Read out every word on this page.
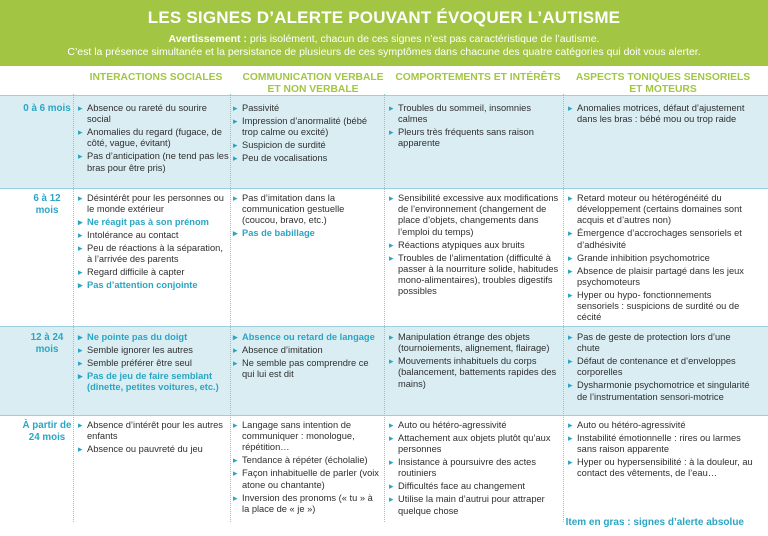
LES SIGNES D’ALERTE POUVANT ÉVOQUER L’AUTISME
Avertissement : pris isolément, chacun de ces signes n’est pas caractéristique de l’autisme.
C’est la présence simultanée et la persistance de plusieurs de ces symptômes dans chacune des quatre catégories qui doit vous alerter.
INTERACTIONS SOCIALES	COMMUNICATION VERBALE ET NON VERBALE
COMPORTEMENTS ET INTÉRÊTS	ASPECTS TONIQUES SENSORIELS ET MOTEURS
0 à 6 mois
▸	Absence ou rareté du sourire social
▸ Anomalies du regard (fugace, de côté, vague, évitant)
▸ Pas d’anticipation (ne tend pas les bras pour être pris)
▸ Passivité
▸ Impression d’anormalité (bébé trop calme ou excité)
▸ Suspicion de surdité
▸ Peu de vocalisations
▸ Troubles du sommeil, insomnies calmes
▸ Pleurs très fréquents sans raison apparente
▸ Anomalies motrices, défaut d’ajustement dans les bras : bébé mou ou trop raide
6 à 12 mois
▸ Désintérêt pour les personnes ou le monde extérieur
▸ Ne réagit pas à son prénom
▸ Intolérance au contact
▸ Peu de réactions à la séparation, à l’arrivée des parents
▸ Regard difficile à capter
▸ Pas d’attention conjointe
▸ Pas d’imitation dans la communication gestuelle (coucou, bravo, etc.)
▸ Pas de babillage
▸ Sensibilité excessive aux modifications de l’environnement (changement de place d’objets, changements dans l’emploi du temps)
▸ Réactions atypiques aux bruits
▸ Troubles de l’alimentation (difficulté à passer à la nourriture solide, habitudes mono-alimentaires), troubles digestifs possibles
▸ Retard moteur ou hétérogénéité du développement (certains domaines sont acquis et d’autres non)
▸ Émergence d’accrochages sensoriels et d’adhésivité
▸ Grande inhibition psychomotrice
▸ Absence de plaisir partagé dans les jeux psychomoteurs
▸ Hyper ou hypo- fonctionnements sensoriels : suspicions de surdité ou de cécité
12 à 24 mois
▸ Ne pointe pas du doigt
▸ Semble ignorer les autres
▸ Semble préférer être seul
▸ Pas de jeu de faire semblant (dînette, petites voitures, etc.)
▸ Absence ou retard de langage
▸ Absence d’imitation
▸ Ne semble pas comprendre ce qui lui est dit
▸ Manipulation étrange des objets (tournoiements, alignement, flairage)
▸ Mouvements inhabituels du corps (balancement, battements rapides des mains)
▸ Pas de geste de protection lors d’une chute
▸ Défaut de contenance et d’enveloppes corporelles
▸ Dysharmonie psychomotrice et singularité de l’instrumentation sensori-motrice
À partir de 24 mois
▸ Absence d’intérêt pour les autres enfants
▸ Absence ou pauvreté du jeu
▸ Langage sans intention de communiquer : monologue, répétition…
▸ Tendance à répéter (écholalie)
▸ Façon inhabituelle de parler (voix atone ou chantante)
▸ Inversion des pronoms (« tu » à la place de « je »)
▸ Auto ou hétéro-agressivité
▸ Attachement aux objets plutôt qu’aux personnes
▸ Insistance à poursuivre des actes routiniers
▸ Difficultés face au changement
▸ Utilise la main d’autrui pour attraper quelque chose
▸ Auto ou hétéro-agressivité
▸ Instabilité émotionnelle : rires ou larmes sans raison apparente
▸ Hyper ou hypersensibilité : à la douleur, au contact des vêtements, de l’eau…
Item en gras : signes d’alerte absolue
